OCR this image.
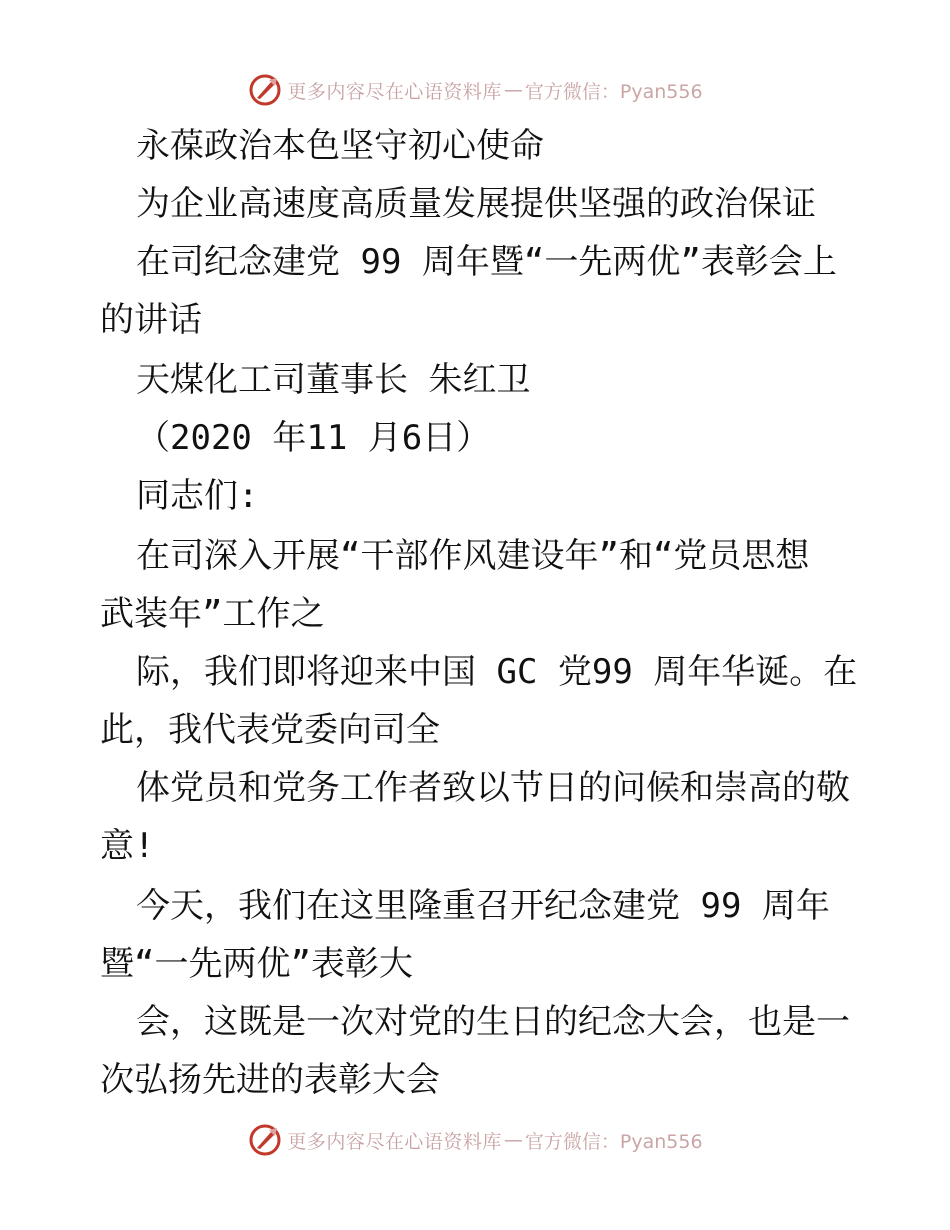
更多内容尽在心语资料库 — 官方微信：Pyan556
永葆政治本色坚守初心使命
为企业高速度高质量发展提供坚强的政治保证
在司纪念建党 99 周年暨“一先两优”表彰会上
的讲话
天煤化工司董事长 朱红卫
（2020 年11 月6日）
同志们:
在司深入开展“干部作风建设年”和“党员思想
武装年”工作之
际，我们即将迎来中国 GC 党99 周年华诞。在
此，我代表党委向司全
体党员和党务工作者致以节日的问候和崇高的敬
意!
今天，我们在这里隆重召开纪念建党 99 周年
暨“一先两优”表彰大
会，这既是一次对党的生日的纪念大会，也是一
次弘扬先进的表彰大会
更多内容尽在心语资料库 — 官方微信：Pyan556
